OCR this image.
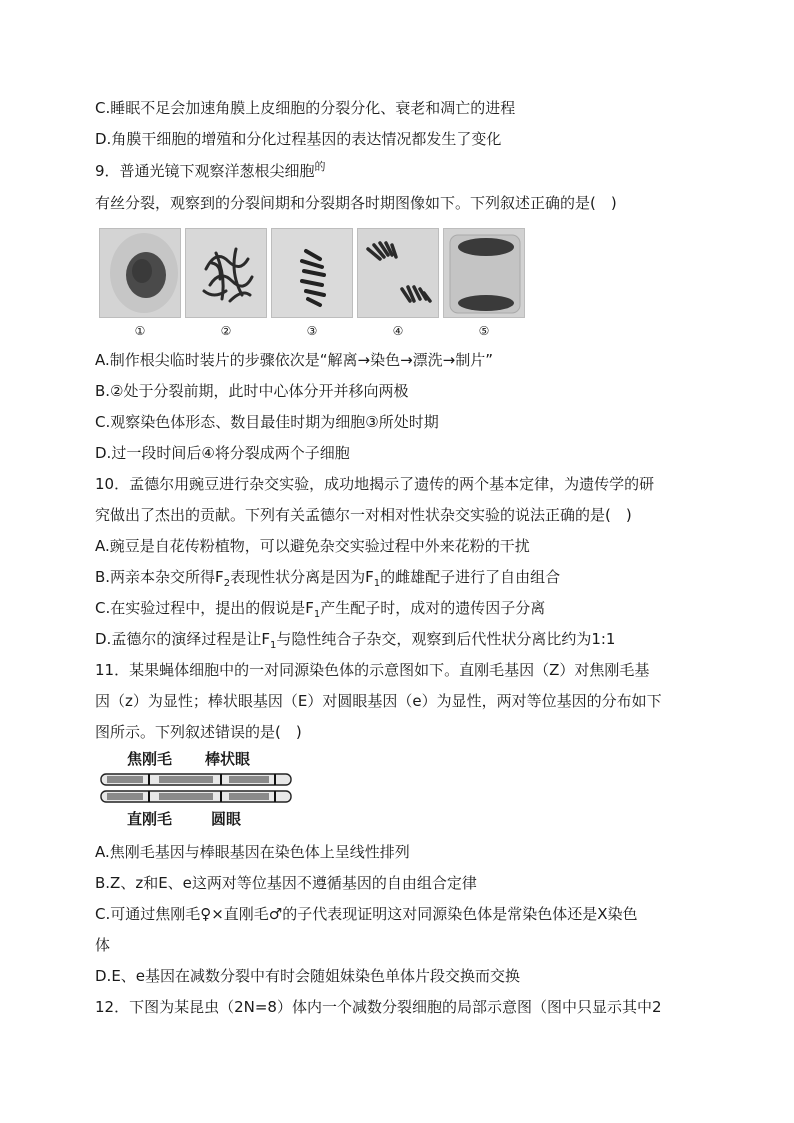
C.睡眠不足会加速角膜上皮细胞的分裂分化、衰老和凋亡的进程
D.角膜干细胞的增殖和分化过程基因的表达情况都发生了变化
9．普通光镜下观察洋葱根尖细胞$^的$
有丝分裂，观察到的分裂间期和分裂期各时期图像如下。下列叙述正确的是(　)
①	②	③	④	⑤
A.制作根尖临时装片的步骤依次是“解离→染色→漂洗→制片”
B.②处于分裂前期，此时中心体分开并移向两极
C.观察染色体形态、数目最佳时期为细胞③所处时期
D.过一段时间后④将分裂成两个子细胞
10．孟德尔用豌豆进行杂交实验，成功地揭示了遗传的两个基本定律，为遗传学的研
究做出了杰出的贡献。下列有关孟德尔一对相对性状杂交实验的说法正确的是(　)
A.豌豆是自花传粉植物，可以避免杂交实验过程中外来花粉的干扰
B.两亲本杂交所得$F_2$表现性状分离是因为$F_1$的雌雄配子进行了自由组合
C.在实验过程中，提出的假说是$F_1$产生配子时，成对的遗传因子分离
D.孟德尔的演绎过程是让$F_1$与隐性纯合子杂交，观察到后代性状分离比约为1:1
11．某果蝇体细胞中的一对同源染色体的示意图如下。直刚毛基因（Z）对焦刚毛基
因（z）为显性；棒状眼基因（E）对圆眼基因（e）为显性，两对等位基因的分布如下
图所示。下列叙述错误的是(　)
焦刚毛 棒状眼
直刚毛	圆眼
A.焦刚毛基因与棒眼基因在染色体上呈线性排列
B.Z、z和E、e这两对等位基因不遵循基因的自由组合定律
C.可通过焦刚毛♀×直刚毛♂的子代表现证明这对同源染色体是常染色体还是X染色
体
D.E、e基因在减数分裂中有时会随姐妹染色单体片段交换而交换
12．下图为某昆虫（2N=8）体内一个减数分裂细胞的局部示意图（图中只显示其中2
